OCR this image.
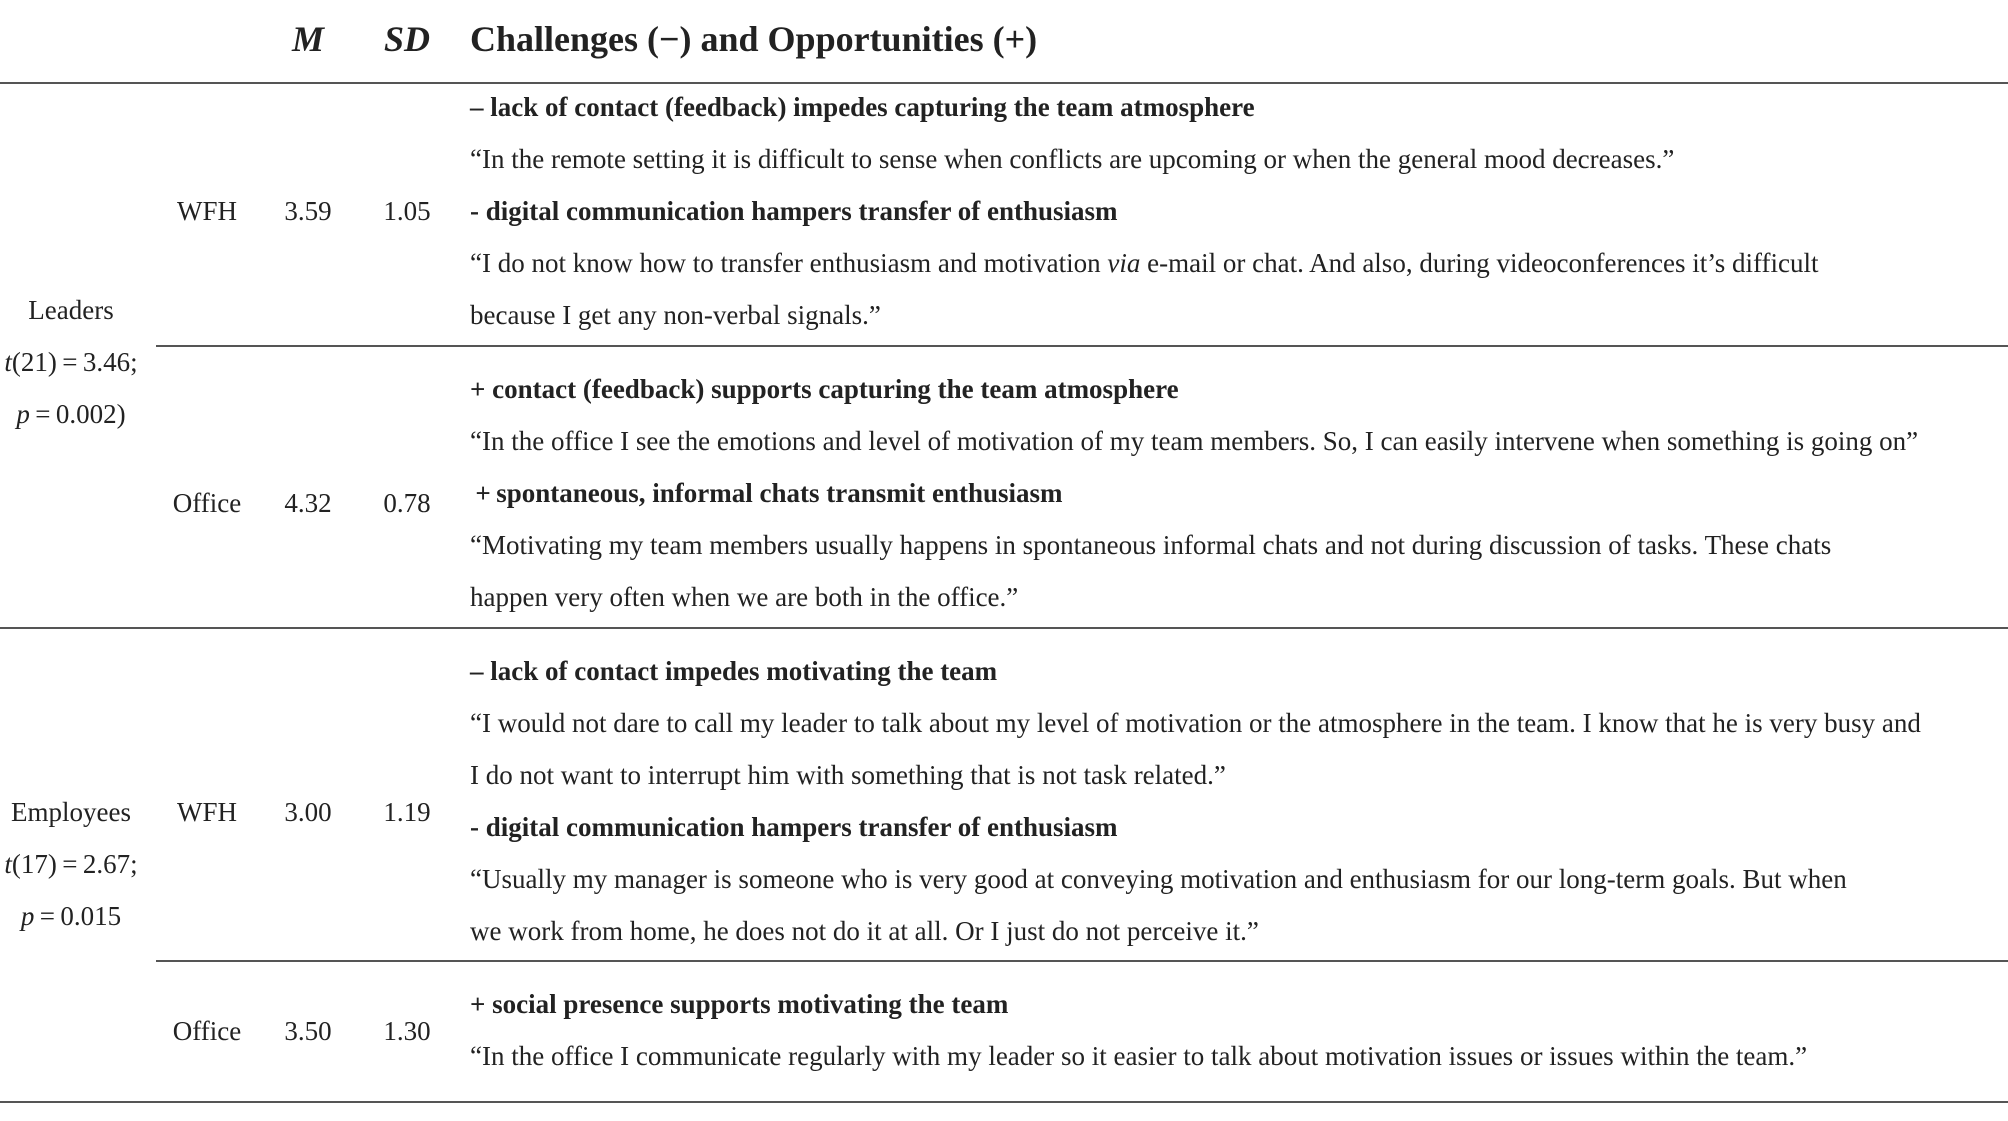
M SD Challenges (−) and Opportunities (+)
Leaders
t(21) = 3.46;
p = 0.002)
WFH 3.59 1.05
– lack of contact (feedback) impedes capturing the team atmosphere
“In the remote setting it is difficult to sense when conflicts are upcoming or when the general mood decreases.”
- digital communication hampers transfer of enthusiasm
“I do not know how to transfer enthusiasm and motivation via e-mail or chat. And also, during videoconferences it’s difficult
because I get any non-verbal signals.”
Office 4.32 0.78
+ contact (feedback) supports capturing the team atmosphere
“In the office I see the emotions and level of motivation of my team members. So, I can easily intervene when something is going on”
 + spontaneous, informal chats transmit enthusiasm
“Motivating my team members usually happens in spontaneous informal chats and not during discussion of tasks. These chats
happen very often when we are both in the office.”
Employees
t(17) = 2.67;
p = 0.015
WFH 3.00 1.19
– lack of contact impedes motivating the team
“I would not dare to call my leader to talk about my level of motivation or the atmosphere in the team. I know that he is very busy and
I do not want to interrupt him with something that is not task related.”
- digital communication hampers transfer of enthusiasm
“Usually my manager is someone who is very good at conveying motivation and enthusiasm for our long-term goals. But when
we work from home, he does not do it at all. Or I just do not perceive it.”
Office 3.50 1.30
+ social presence supports motivating the team
“In the office I communicate regularly with my leader so it easier to talk about motivation issues or issues within the team.”
